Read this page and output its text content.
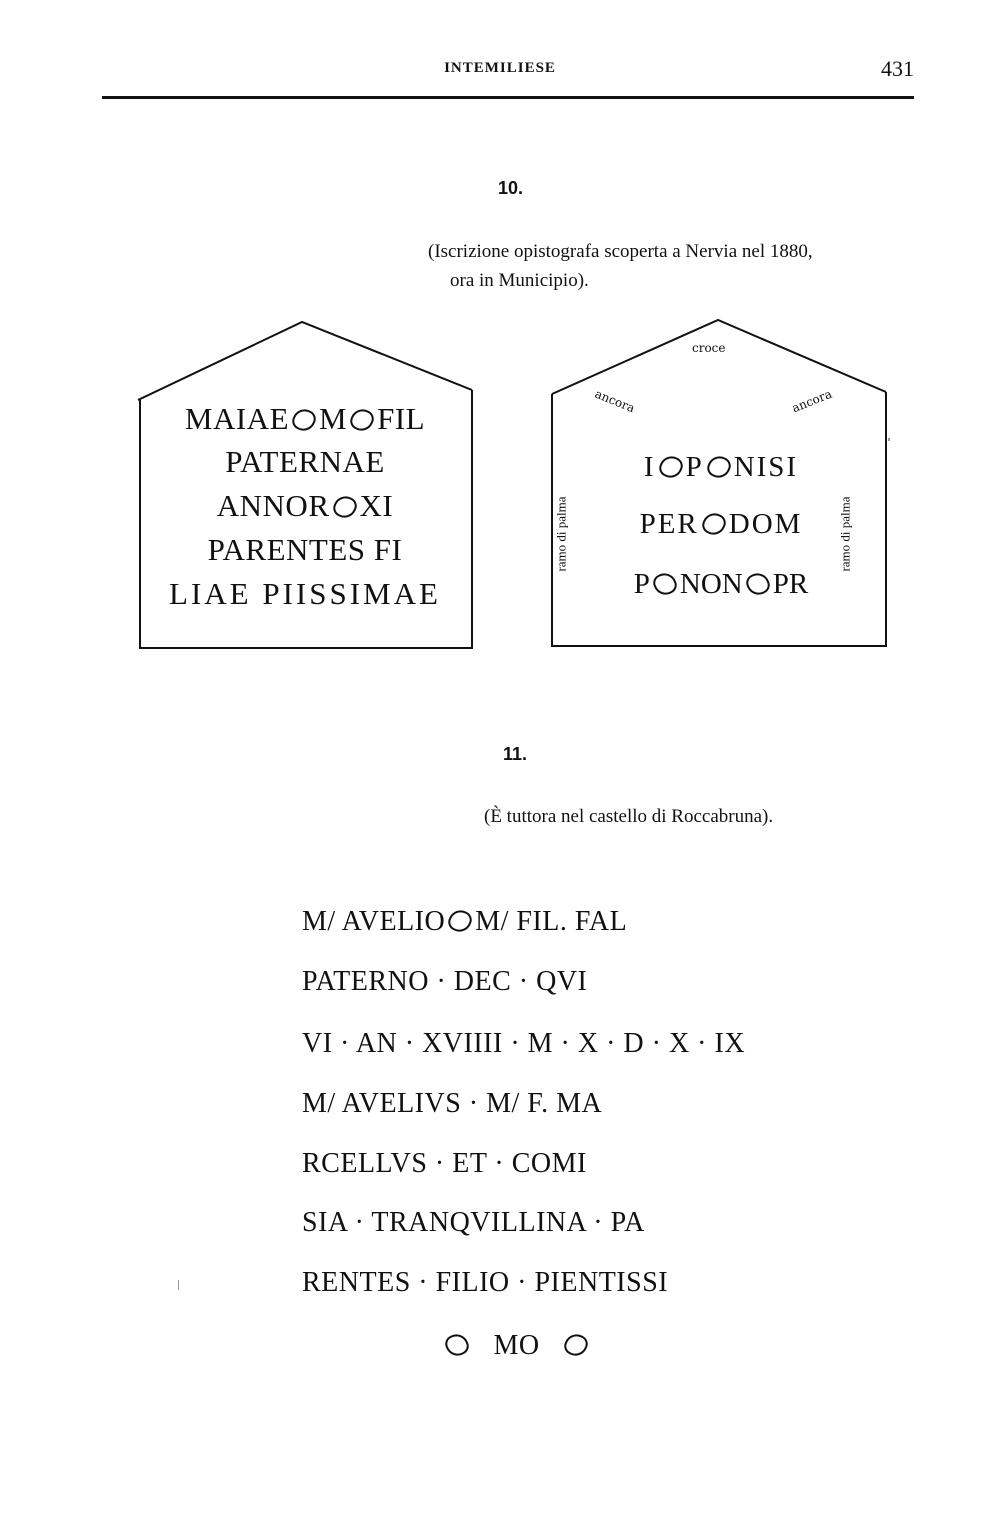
INTEMILIESE	431
10.
(Iscrizione opistografa scoperta a Nervia nel 1880,
ora in Municipio).
MAIAE M FIL
PATERNAE
ANNOR XI
PARENTES FI
LIAE PIISSIMAE
croce
ancora	ancora
ramo di palma	ramo di palma
I P NISI
PER DOM
P NON PR
11.
(È tuttora nel castello di Roccabruna).
M/ AVELIO M/ FIL. FAL
PATERNO · DEC · QVI
VI · AN · XVIIII · M · X · D · X · IX
M/ AVELIVS · M/ F. MA
RCELLVS · ET · COMI
SIA · TRANQVILLINA · PA
RENTES · FILIO · PIENTISSI
MO
